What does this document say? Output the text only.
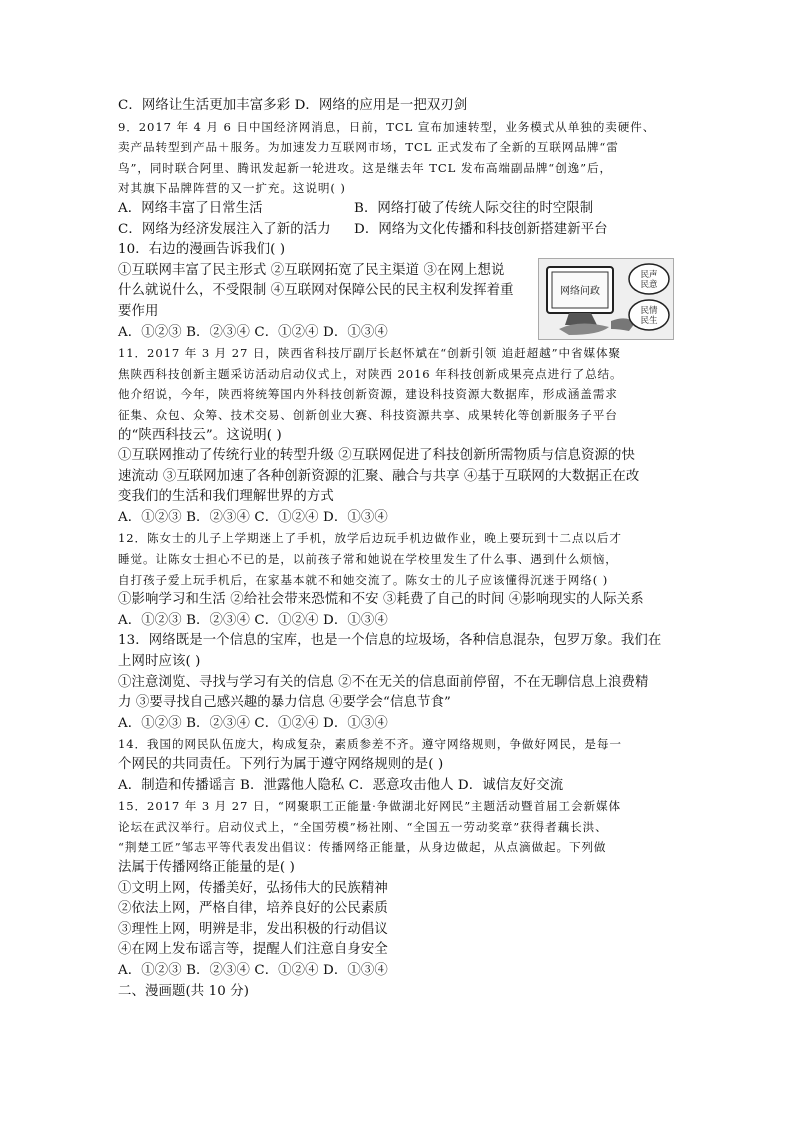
C．网络让生活更加丰富多彩 D．网络的应用是一把双刃剑
9．2017 年 4 月 6 日中国经济网消息，日前，TCL 宣布加速转型，业务模式从单独的卖硬件、
卖产品转型到产品＋服务。为加速发力互联网市场，TCL 正式发布了全新的互联网品牌“雷
鸟”，同时联合阿里、腾讯发起新一轮进攻。这是继去年 TCL 发布高端副品牌“创逸”后，
对其旗下品牌阵营的又一扩充。这说明( )
A．网络丰富了日常生活	B．网络打破了传统人际交往的时空限制
C．网络为经济发展注入了新的活力	D．网络为文化传播和科技创新搭建新平台
10．右边的漫画告诉我们( )
①互联网丰富了民主形式 ②互联网拓宽了民主渠道 ③在网上想说
什么就说什么，不受限制 ④互联网对保障公民的民主权利发挥着重
要作用
A．①②③ B．②③④ C．①②④ D．①③④
网络问政
民声
民意
民情
民生
11．2017 年 3 月 27 日，陕西省科技厅副厅长赵怀斌在“创新引领 追赶超越”中省媒体聚
焦陕西科技创新主题采访活动启动仪式上，对陕西 2016 年科技创新成果亮点进行了总结。
他介绍说，今年，陕西将统筹国内外科技创新资源，建设科技资源大数据库，形成涵盖需求
征集、众包、众筹、技术交易、创新创业大赛、科技资源共享、成果转化等创新服务子平台
的“陕西科技云”。这说明( )
①互联网推动了传统行业的转型升级 ②互联网促进了科技创新所需物质与信息资源的快
速流动 ③互联网加速了各种创新资源的汇聚、融合与共享 ④基于互联网的大数据正在改
变我们的生活和我们理解世界的方式
A．①②③ B．②③④ C．①②④ D．①③④
12．陈女士的儿子上学期迷上了手机，放学后边玩手机边做作业，晚上要玩到十二点以后才
睡觉。让陈女士担心不已的是，以前孩子常和她说在学校里发生了什么事、遇到什么烦恼，
自打孩子爱上玩手机后，在家基本就不和她交流了。陈女士的儿子应该懂得沉迷于网络( )
①影响学习和生活 ②给社会带来恐慌和不安 ③耗费了自己的时间 ④影响现实的人际关系
A．①②③ B．②③④ C．①②④ D．①③④
13．网络既是一个信息的宝库，也是一个信息的垃圾场，各种信息混杂，包罗万象。我们在
上网时应该( )
①注意浏览、寻找与学习有关的信息 ②不在无关的信息面前停留，不在无聊信息上浪费精
力 ③要寻找自己感兴趣的暴力信息 ④要学会“信息节食”
A．①②③ B．②③④ C．①②④ D．①③④
14．我国的网民队伍庞大，构成复杂，素质参差不齐。遵守网络规则，争做好网民，是每一
个网民的共同责任。下列行为属于遵守网络规则的是( )
A．制造和传播谣言 B．泄露他人隐私 C．恶意攻击他人 D．诚信友好交流
15．2017 年 3 月 27 日，“网聚职工正能量·争做湖北好网民”主题活动暨首届工会新媒体
论坛在武汉举行。启动仪式上，“全国劳模”杨社刚、“全国五一劳动奖章”获得者藕长洪、
“荆楚工匠”邹志平等代表发出倡议：传播网络正能量，从身边做起，从点滴做起。下列做
法属于传播网络正能量的是( )
①文明上网，传播美好，弘扬伟大的民族精神
②依法上网，严格自律，培养良好的公民素质
③理性上网，明辨是非，发出积极的行动倡议
④在网上发布谣言等，提醒人们注意自身安全
A．①②③ B．②③④ C．①②④ D．①③④
二、漫画题(共 10 分)
